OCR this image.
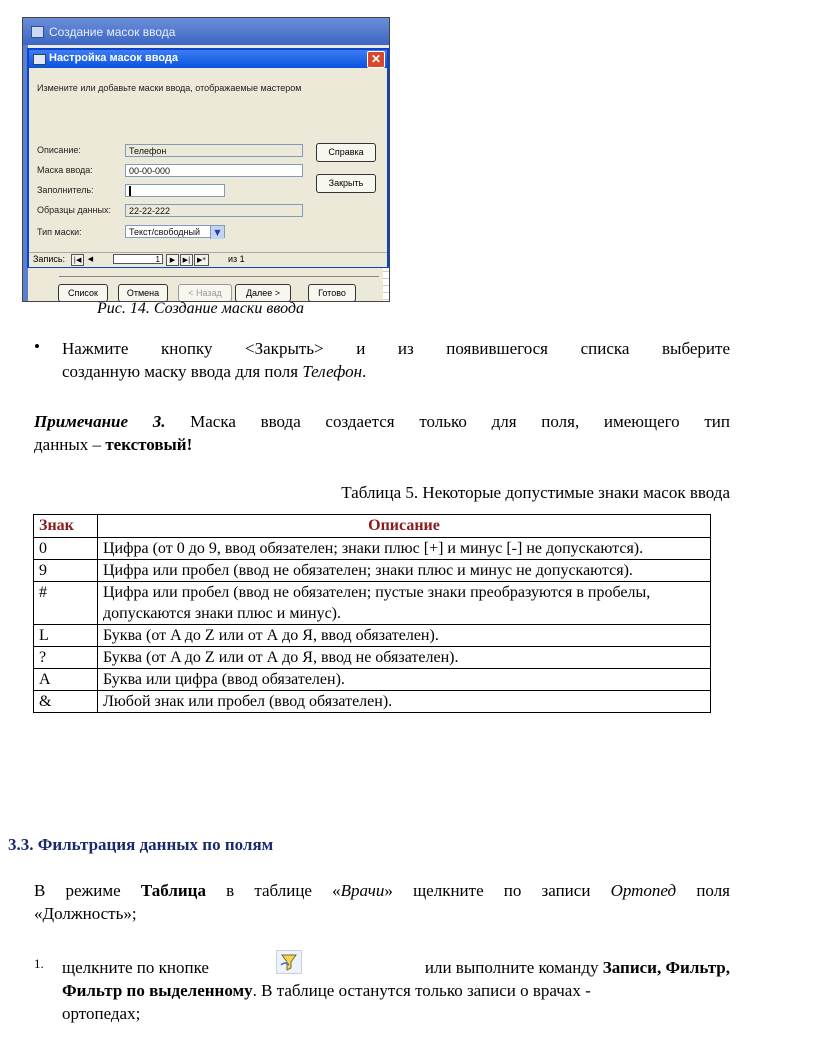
Создание масок ввода
Настройка масок ввода	✕
Измените или добавьте маски ввода, отображаемые мастером
Описание:	Телефон
Маска ввода:	00-00-000
Заполнитель:
Образцы данных:	22-22-222
Тип маски:	Текст/свободный	▼
Справка
Закрыть
Запись:	|◀ ◀	1	▶	▶| ▶*	из 1
Список	Отмена	< Назад	Далее >	Готово
Рис. 14. Создание маски ввода
• Нажмите кнопку <Закрыть> и из появившегося списка выберите
созданную маску ввода для поля Телефон.
Примечание 3. Маска ввода создается только для поля, имеющего тип
данных – текстовый!
Таблица 5. Некоторые допустимые знаки масок ввода
Знак	Описание
0	Цифра (от 0 до 9, ввод обязателен; знаки плюс [+] и минус [-] не допускаются).
9	Цифра или пробел (ввод не обязателен; знаки плюс и минус не допускаются).
#	Цифра или пробел (ввод не обязателен; пустые знаки преобразуются в пробелы, допускаются знаки плюс и минус).
L	Буква (от A до Z или от А до Я, ввод обязателен).
?	Буква (от A до Z или от А до Я, ввод не обязателен).
A	Буква или цифра (ввод обязателен).
&	Любой знак или пробел (ввод обязателен).
3.3. Фильтрация данных по полям
В режиме Таблица в таблице «Врачи» щелкните по записи Ортопед поля
«Должность»;
1. щелкните по кнопке	или выполните команду Записи, Фильтр,
Фильтр по выделенному. В таблице останутся только записи о врачах -
ортопедах;
